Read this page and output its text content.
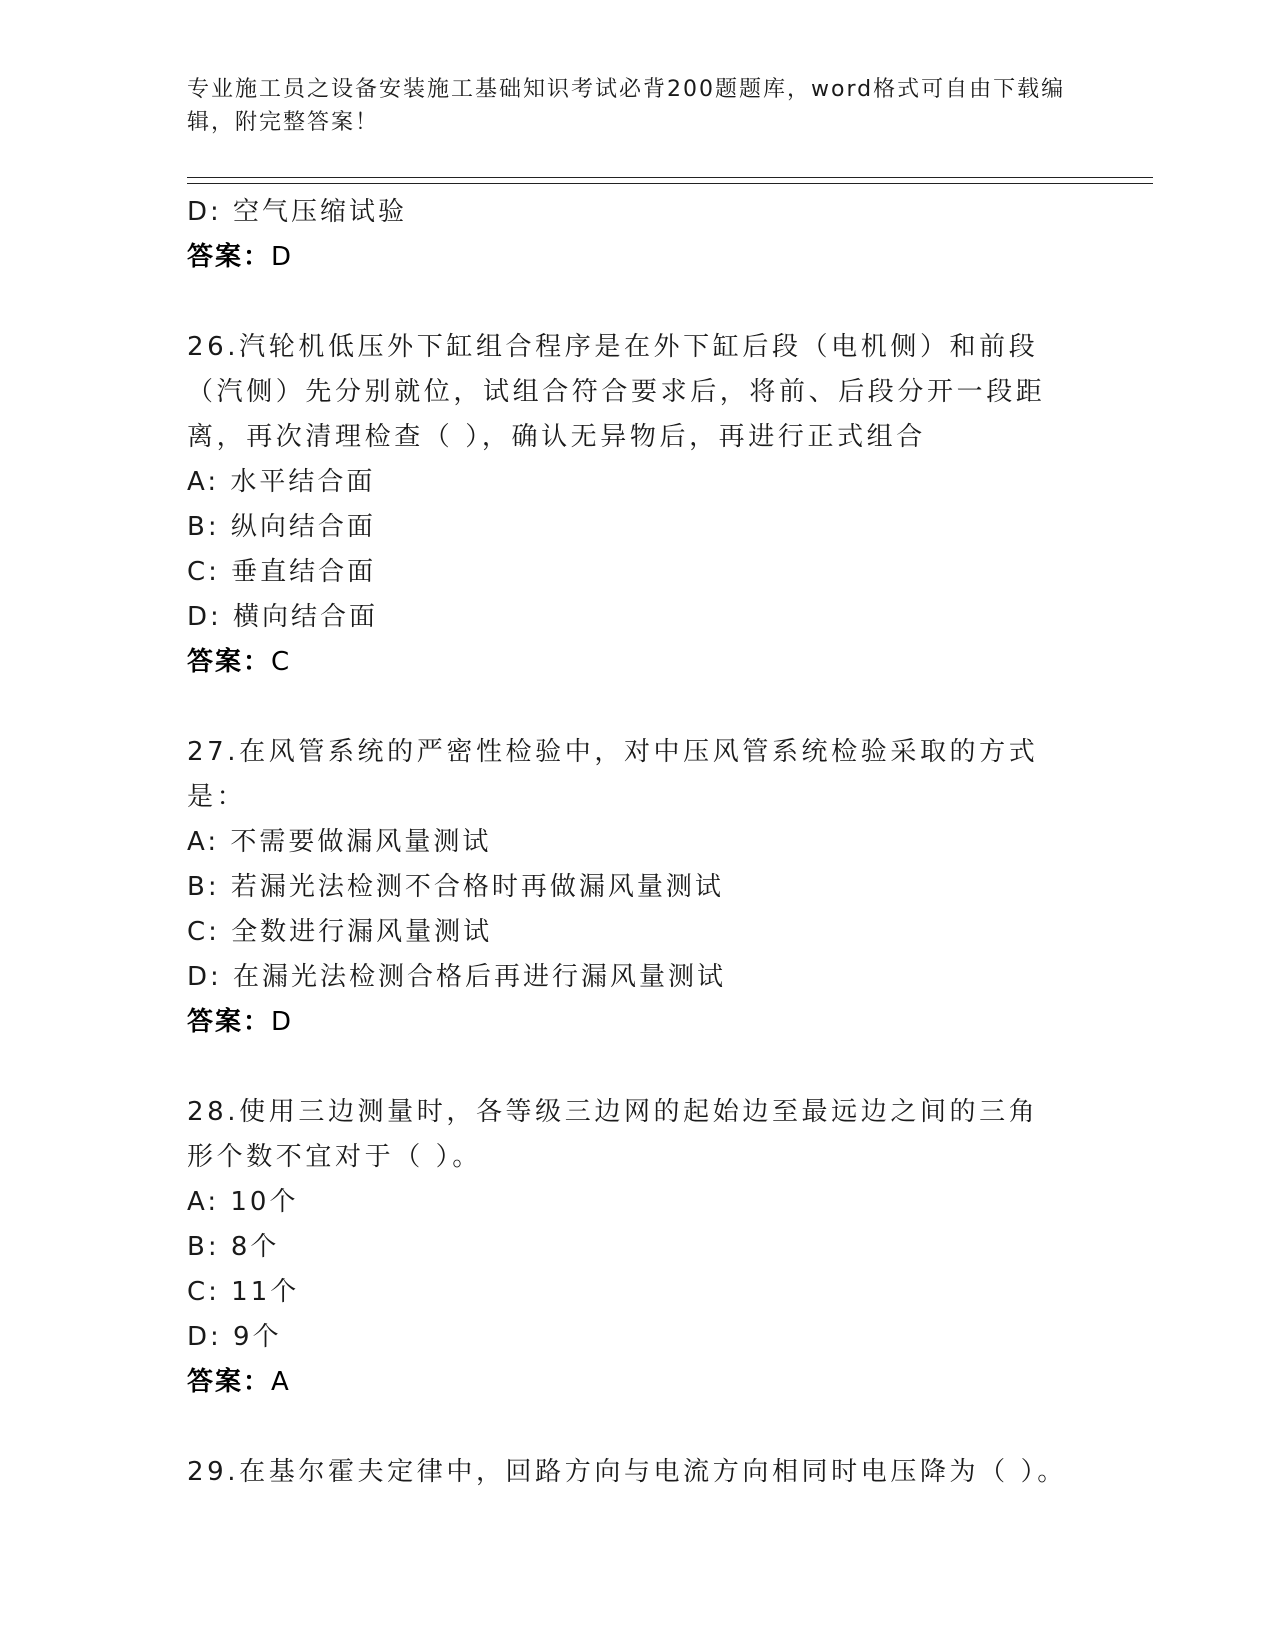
专业施工员之设备安装施工基础知识考试必背200题题库，word格式可自由下载编辑，附完整答案！
D: 空气压缩试验
答案：D
26.汽轮机低压外下缸组合程序是在外下缸后段（电机侧）和前段（汽侧）先分别就位，试组合符合要求后，将前、后段分开一段距离，再次清理检查（ ），确认无异物后，再进行正式组合
A: 水平结合面
B: 纵向结合面
C: 垂直结合面
D: 横向结合面
答案：C
27.在风管系统的严密性检验中，对中压风管系统检验采取的方式是：
A: 不需要做漏风量测试
B: 若漏光法检测不合格时再做漏风量测试
C: 全数进行漏风量测试
D: 在漏光法检测合格后再进行漏风量测试
答案：D
28.使用三边测量时，各等级三边网的起始边至最远边之间的三角形个数不宜对于（ ）。
A: 10个
B: 8个
C: 11个
D: 9个
答案：A
29.在基尔霍夫定律中，回路方向与电流方向相同时电压降为（ ）。
